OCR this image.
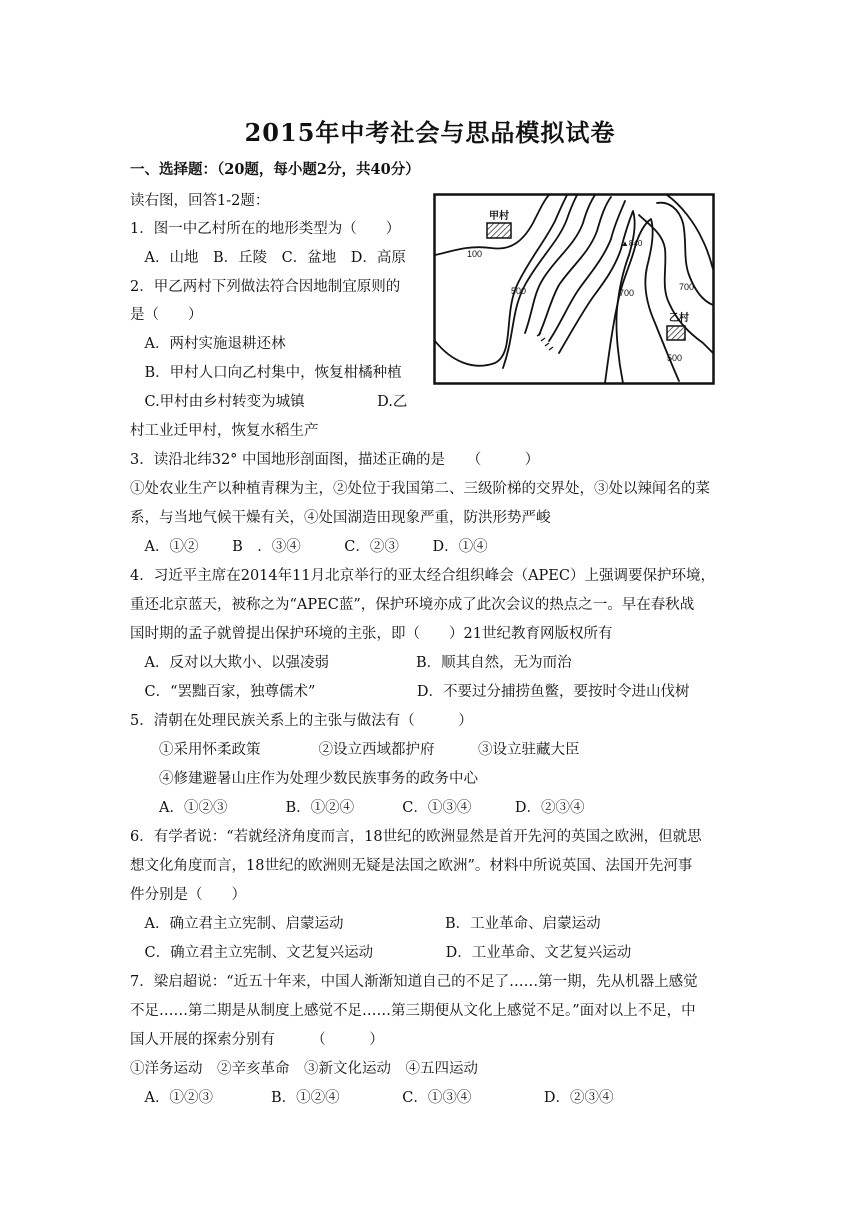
2015年中考社会与思品模拟试卷
一、选择题：（20题，每小题2分，共40分）
读右图，回答1-2题：
1．图一中乙村所在的地形类型为（　　）
　A．山地　B．丘陵　C．盆地　D．高原
2．甲乙两村下列做法符合因地制宜原则的
是（　　）
　A．两村实施退耕还林
　B．甲村人口向乙村集中，恢复柑橘种植
　C.甲村由乡村转变为城镇　　　　　D.乙
村工业迁甲村，恢复水稻生产
3．读沿北纬32° 中国地形剖面图，描述正确的是　　（　　　）
①处农业生产以种植青稞为主，②处位于我国第二、三级阶梯的交界处，③处以辣闻名的菜
系，与当地气候干燥有关，④处国湖造田现象严重，防洪形势严峻
　A．①②　　 B　．③④　　　C．②③　　 D．①④
4．习近平主席在2014年11月北京举行的亚太经合组织峰会（APEC）上强调要保护环境，
重还北京蓝天，被称之为“APEC蓝”，保护环境亦成了此次会议的热点之一。早在春秋战
国时期的孟子就曾提出保护环境的主张，即（　　）21世纪教育网版权所有
　A．反对以大欺小、以强凌弱　　　　　　B．顺其自然，无为而治
　C．“罢黜百家，独尊儒术”　　　　　　　D．不要过分捕捞鱼鳖，要按时令进山伐树
5．清朝在处理民族关系上的主张与做法有（　　　）
　　①采用怀柔政策　　　　②设立西域都护府　　　③设立驻藏大臣
　　④修建避暑山庄作为处理少数民族事务的政务中心
　　A．①②③　　　　B．①②④　　　 C．①③④　　　D．②③④
6．有学者说：“若就经济角度而言，18世纪的欧洲显然是首开先河的英国之欧洲，但就思
想文化角度而言，18世纪的欧洲则无疑是法国之欧洲”。材料中所说英国、法国开先河事
件分别是（　　）
　A．确立君主立宪制、启蒙运动　　　　　　　B．工业革命、启蒙运动
　C．确立君主立宪制、文艺复兴运动　　　　　D．工业革命、文艺复兴运动
7．梁启超说：“近五十年来，中国人渐渐知道自己的不足了……第一期，先从机器上感觉
不足……第二期是从制度上感觉不足……第三期便从文化上感觉不足。”面对以上不足，中
国人开展的探索分别有　　　（　　　）
①洋务运动　②辛亥革命　③新文化运动　④五四运动
　A．①②③　　　　B．①②④　　　　 C．①③④　　　　　D．②③④
甲村
乙村
100
500
▲840
700
700
500
